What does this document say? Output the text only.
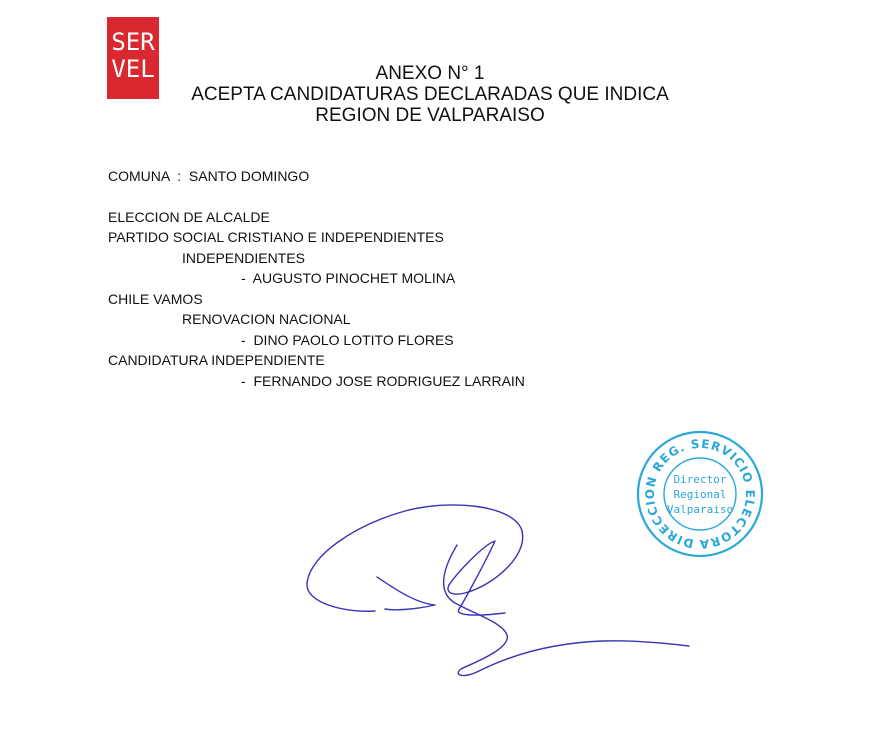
SER
VEL	ANEXO N° 1
ACEPTA CANDIDATURAS DECLARADAS QUE INDICA
REGION DE VALPARAISO
COMUNA  :  SANTO DOMINGO
ELECCION DE ALCALDE
PARTIDO SOCIAL CRISTIANO E INDEPENDIENTES
INDEPENDIENTES
-  AUGUSTO PINOCHET MOLINA
CHILE VAMOS
RENOVACION NACIONAL
-  DINO PAOLO LOTITO FLORES
CANDIDATURA INDEPENDIENTE
-  FERNANDO JOSE RODRIGUEZ LARRAIN
DIRECCION REG. SERVICIO ELECTORAL
Director
Regional
Valparaiso
